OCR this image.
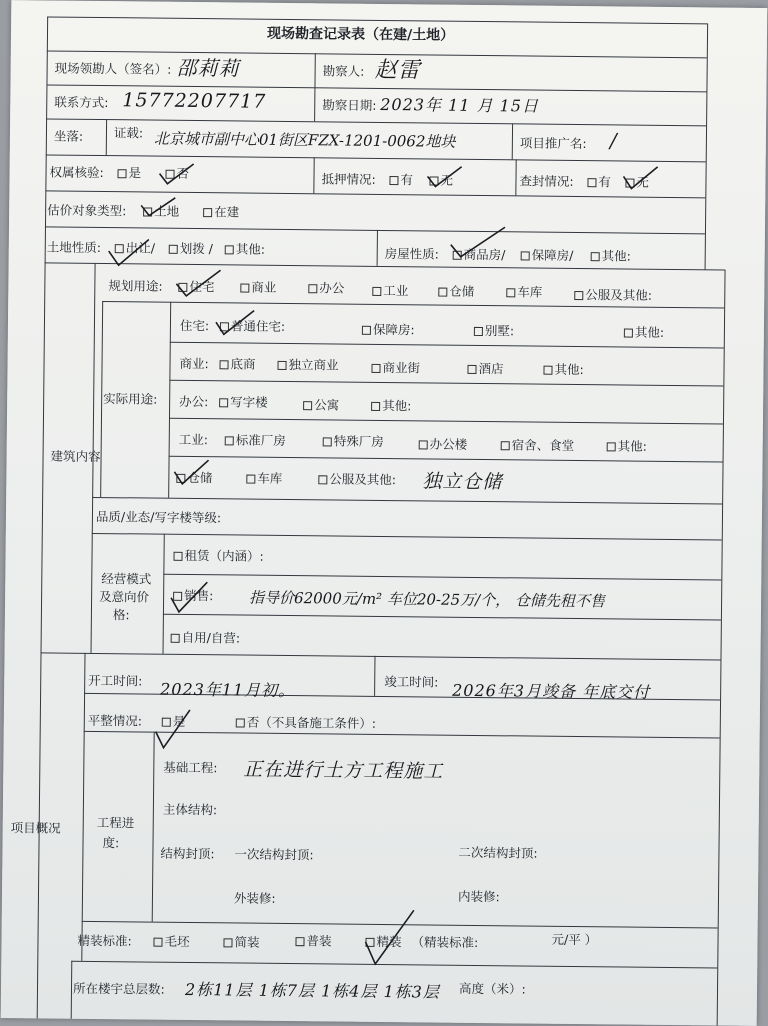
现场勘查记录表（在建/土地）
现场领勘人（签名）: 邵莉莉	勘察人: 赵雷
联系方式: 15772207717	勘察日期: 2023年 11 月 15日
坐落: 证载: 北京城市副中心01街区FZX-1201-0062地块	项目推广名: /
权属核验:	是	否	抵押情况:	有	无	查封情况:	有	无
估价对象类型:	土地	在建
土地性质:	出让/	划拨 /	其他:	房屋性质:	商品房/	保障房/	其他:
建筑内容
规划用途:	住宅	商业	办公	工业	仓储	车库	公服及其他:
实际用途:
住宅:	普通住宅:	保障房:	别墅:	其他:
商业:	底商	独立商业	商业街	酒店	其他:
办公:	写字楼	公寓	其他:
工业:	标准厂房	特殊厂房	办公楼	宿舍、食堂	其他:
仓储	车库	公服及其他: 独立仓储
品质/业态/写字楼等级:
经营模式
及意向价
格:
租赁（内涵）:
销售: 指导价62000元/m² 车位20-25万/个， 仓储先租不售
自用/自营:
项目概况
开工时间: 2023年11月初。	竣工时间: 2026年3月竣备 年底交付
平整情况:	是	否（不具备施工条件）:
工程进
度:
基础工程: 正在进行土方工程施工
主体结构:
结构封顶: 一次结构封顶:	二次结构封顶:
外装修:	内装修:
精装标准:	毛坯	简装	普装	精装 （精装标准:	元/平 ）
所在楼宇总层数: 2栋11层 1栋7层 1栋4层 1栋3层 高度（米）:
